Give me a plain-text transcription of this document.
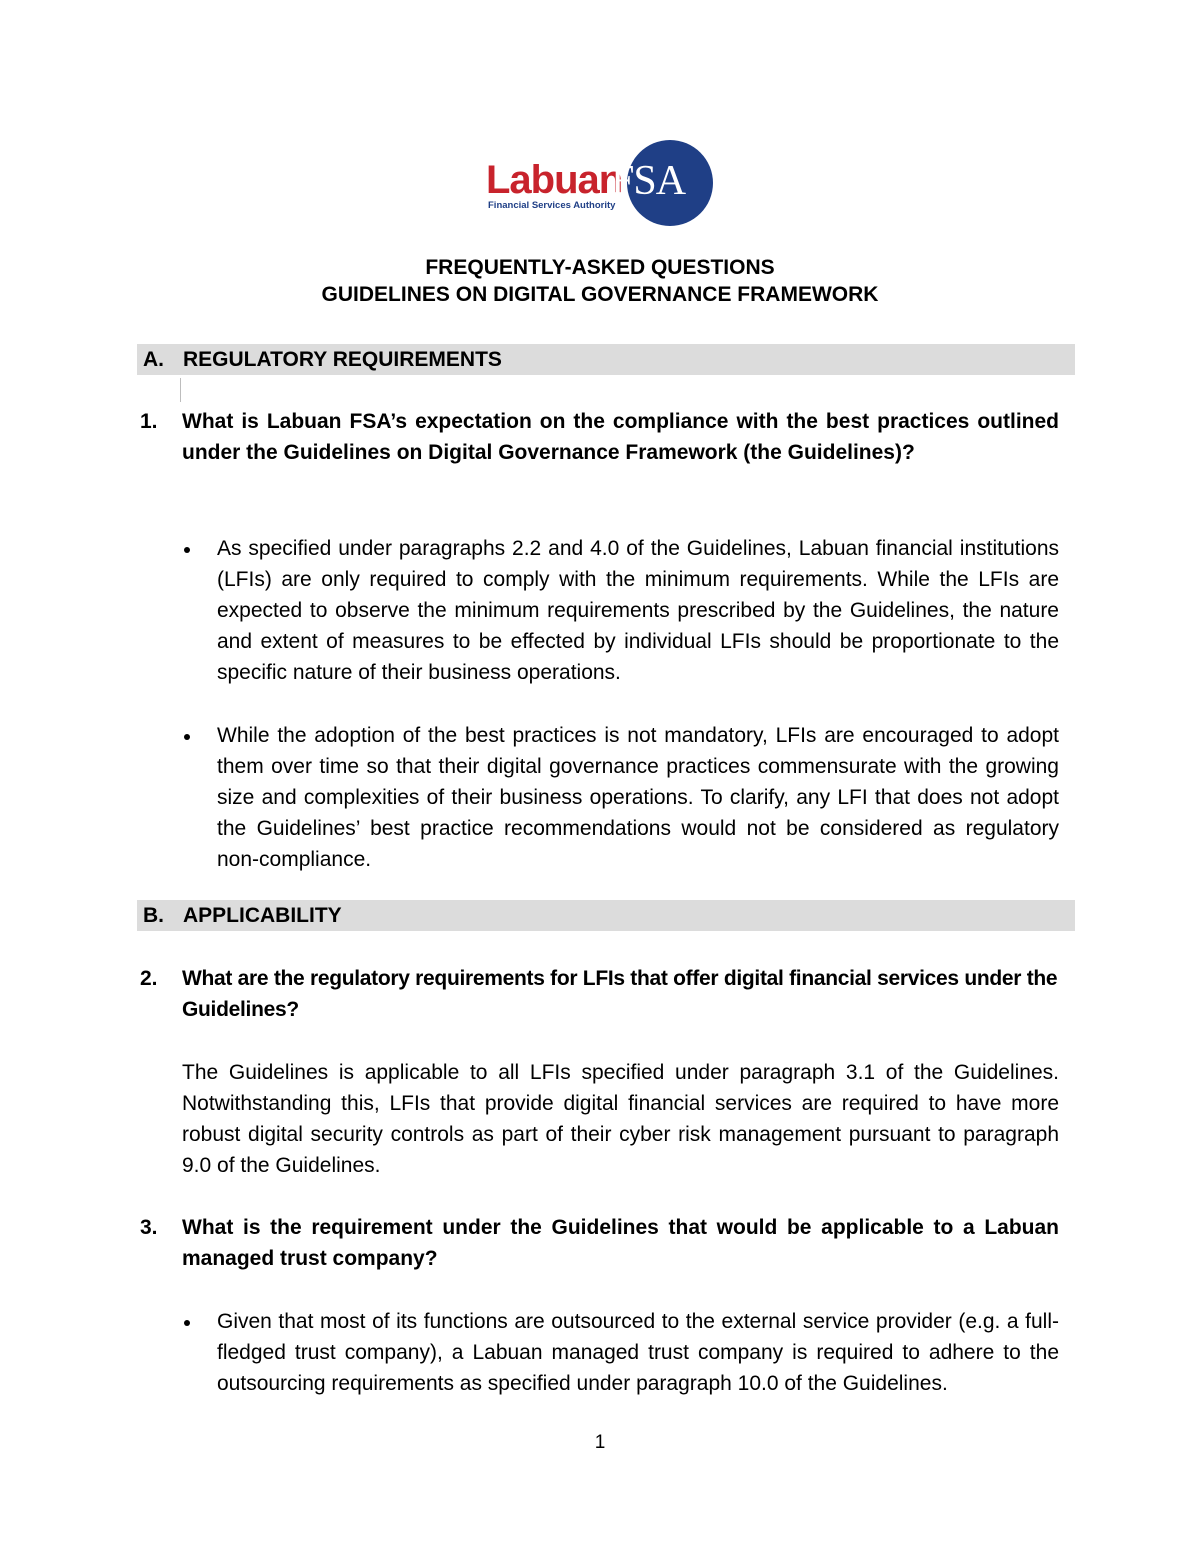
Labuan
FSA
Financial Services Authority
FREQUENTLY-ASKED QUESTIONS
GUIDELINES ON DIGITAL GOVERNANCE FRAMEWORK
A. REGULATORY REQUIREMENTS
1. What is Labuan FSA’s expectation on the compliance with the best practices outlined under the Guidelines on Digital Governance Framework (the Guidelines)?
As specified under paragraphs 2.2 and 4.0 of the Guidelines, Labuan financial institutions (LFIs) are only required to comply with the minimum requirements. While the LFIs are expected to observe the minimum requirements prescribed by the Guidelines, the nature and extent of measures to be effected by individual LFIs should be proportionate to the specific nature of their business operations.
While the adoption of the best practices is not mandatory, LFIs are encouraged to adopt them over time so that their digital governance practices commensurate with the growing size and complexities of their business operations. To clarify, any LFI that does not adopt the Guidelines’ best practice recommendations would not be considered as regulatory non-compliance.
B. APPLICABILITY
2. What are the regulatory requirements for LFIs that offer digital financial services under the Guidelines?
The Guidelines is applicable to all LFIs specified under paragraph 3.1 of the Guidelines. Notwithstanding this, LFIs that provide digital financial services are required to have more robust digital security controls as part of their cyber risk management pursuant to paragraph 9.0 of the Guidelines.
3. What is the requirement under the Guidelines that would be applicable to a Labuan managed trust company?
Given that most of its functions are outsourced to the external service provider (e.g. a full-fledged trust company), a Labuan managed trust company is required to adhere to the outsourcing requirements as specified under paragraph 10.0 of the Guidelines.
1
